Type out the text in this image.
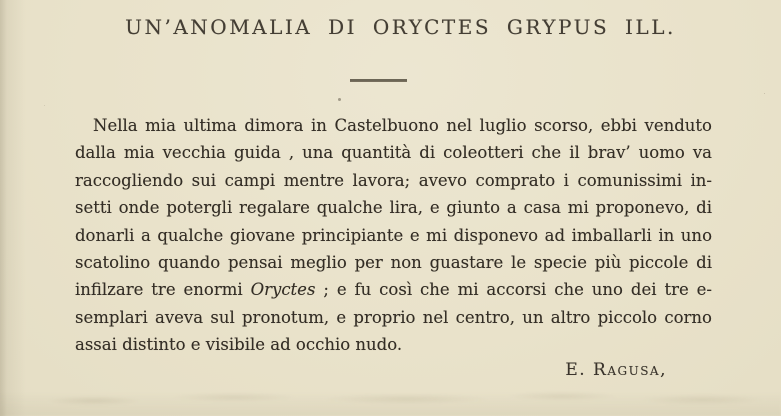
UN’ANOMALIA DI ORYCTES GRYPUS ILL.
Nella mia ultima dimora in Castelbuono nel luglio scorso, ebbi venduto
dalla mia vecchia guida , una quantità di coleotteri che il brav’ uomo va
raccogliendo sui campi mentre lavora; avevo comprato i comunissimi in-
setti onde potergli regalare qualche lira, e giunto a casa mi proponevo, di
donarli a qualche giovane principiante e mi disponevo ad imballarli in uno
scatolino quando pensai meglio per non guastare le specie più piccole di
infilzare tre enormi Oryctes ; e fu così che mi accorsi che uno dei tre e-
semplari aveva sul pronotum, e proprio nel centro, un altro piccolo corno
assai distinto e visibile ad occhio nudo.
E. Ragusa,
